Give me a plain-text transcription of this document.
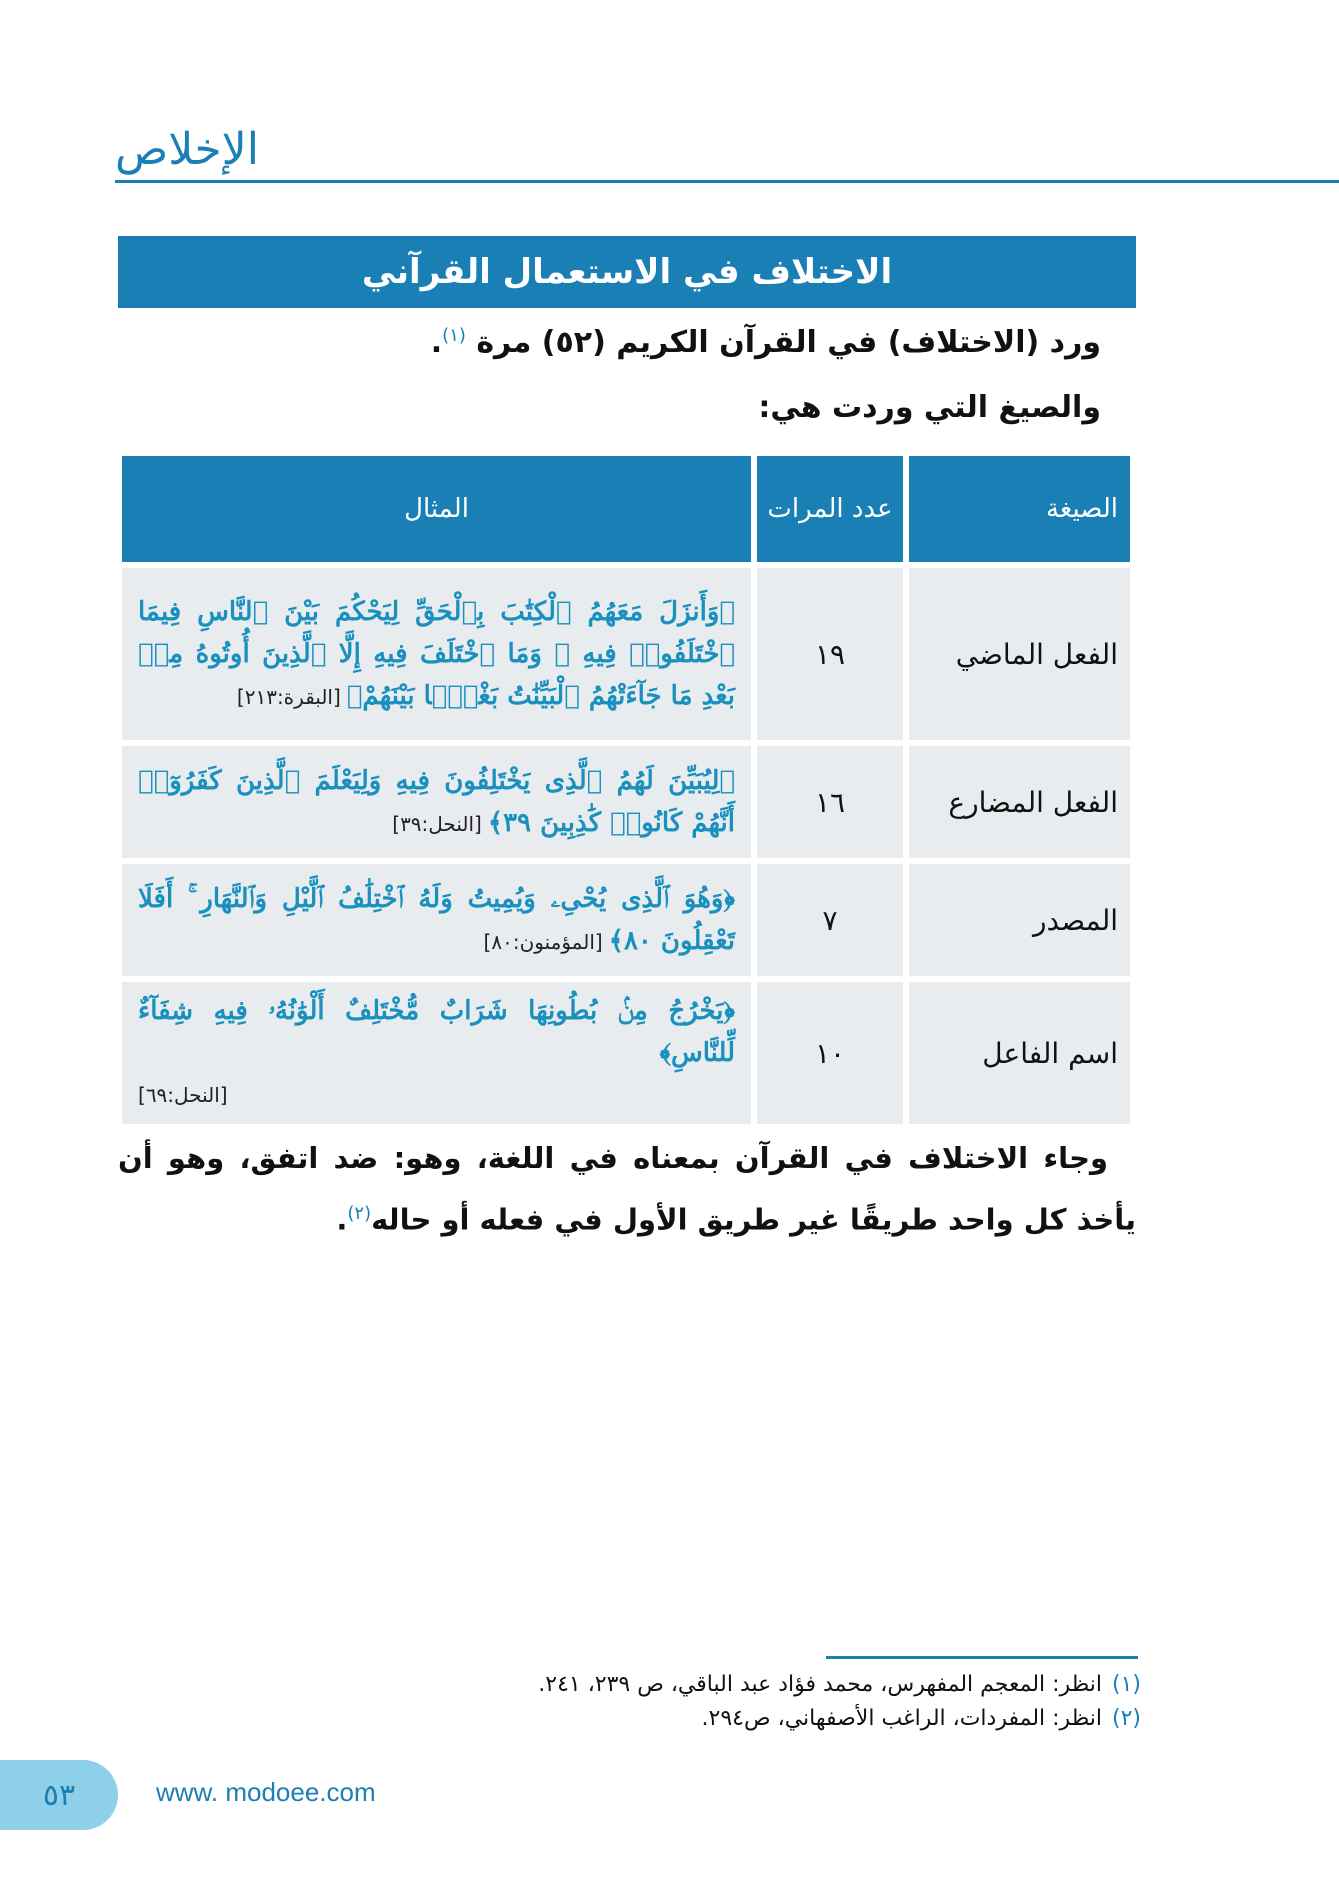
الإخلاص
الاختلاف في الاستعمال القرآني
ورد (الاختلاف) في القرآن الكريم (٥٢) مرة $^{(١)}$.
والصيغ التي وردت هي:
الصيغة	عدد المرات	المثال
الفعل الماضي	١٩	﴿وَأَنزَلَ مَعَهُمُ ٱلْكِتَٰبَ بِٱلْحَقِّ لِيَحْكُمَ بَيْنَ ٱلنَّاسِ فِيمَا ٱخْتَلَفُوا۟ فِيهِ ۚ وَمَا ٱخْتَلَفَ فِيهِ إِلَّا ٱلَّذِينَ أُوتُوهُ مِنۢ بَعْدِ مَا جَآءَتْهُمُ ٱلْبَيِّنَٰتُ بَغْيًۢا بَيْنَهُمْ﴾[البقرة:٢١٣]

الفعل المضارع	١٦	﴿لِيُبَيِّنَ لَهُمُ ٱلَّذِى يَخْتَلِفُونَ فِيهِ وَلِيَعْلَمَ ٱلَّذِينَ كَفَرُوٓا۟ أَنَّهُمْ كَانُوا۟ كَٰذِبِينَ ٣٩﴾[النحل:٣٩]

المصدر	٧	﴿وَهُوَ ٱلَّذِى يُحْىِۦ وَيُمِيتُ وَلَهُ ٱخْتِلَٰفُ ٱلَّيْلِ وَٱلنَّهَارِ ۚ أَفَلَا تَعْقِلُونَ ٨٠﴾[المؤمنون:٨٠]

اسم الفاعل	١٠	﴿يَخْرُجُ مِنۢ بُطُونِهَا شَرَابٌ مُّخْتَلِفٌ أَلْوَٰنُهُۥ فِيهِ شِفَآءٌ لِّلنَّاسِ﴾
[النحل:٦٩]
وجاء الاختلاف في القرآن بمعناه في اللغة، وهو: ضد اتفق، وهو أن يأخذ كل واحد طريقًا غير طريق الأول في فعله أو حاله$^{(٢)}$.
(١)انظر: المعجم المفهرس، محمد فؤاد عبد الباقي، ص ٢٣٩، ٢٤١.
(٢)انظر: المفردات، الراغب الأصفهاني، ص٢٩٤.
٥٣	www. modoee.com
